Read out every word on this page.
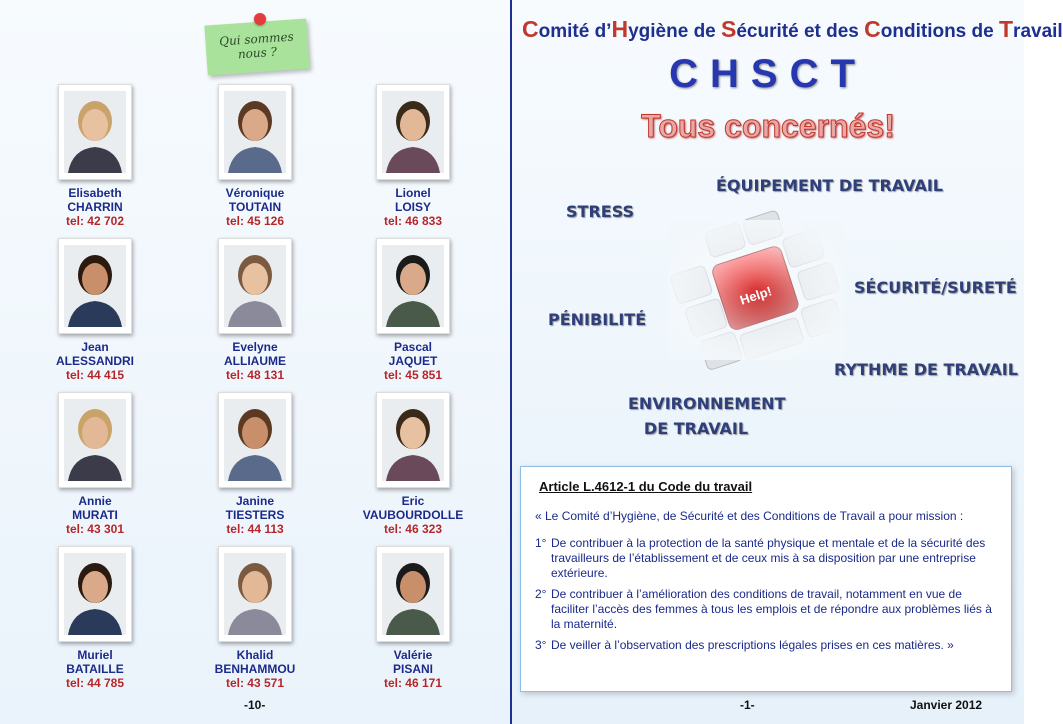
Qui sommes
nous ?
Elisabeth
CHARRIN
tel: 42 702
Véronique
TOUTAIN
tel: 45 126
Lionel
LOISY
tel: 46 833
Jean
ALESSANDRI
tel: 44 415
Evelyne
ALLIAUME
tel: 48 131
Pascal
JAQUET
tel: 45 851
Annie
MURATI
tel: 43 301
Janine
TIESTERS
tel: 44 113
Eric
VAUBOURDOLLE
tel: 46 323
Muriel
BATAILLE
tel: 44 785
Khalid
BENHAMMOU
tel: 43 571
Valérie
PISANI
tel: 46 171
-10-
Comité d’Hygiène de Sécurité et des Conditions de Travail
CHSCT
Tous concernés!
STRESS
ÉQUIPEMENT DE TRAVAIL
PÉNIBILITÉ
SÉCURITÉ/SURETÉ
RYTHME DE TRAVAIL
ENVIRONNEMENT
DE TRAVAIL
Article L.4612-1 du Code du travail
« Le Comité d’Hygiène, de Sécurité et des Conditions de Travail a pour mission :
1° De contribuer à la protection de la santé physique et mentale et de la sécurité des travailleurs de l’établissement et de ceux mis à sa disposition par une entreprise extérieure.
2° De contribuer à l’amélioration des conditions de travail, notamment en vue de faciliter l’accès des femmes à tous les emplois et de répondre aux problèmes liés à la maternité.
3° De veiller à l’observation des prescriptions légales prises en ces matières. »
-1-	Janvier 2012
